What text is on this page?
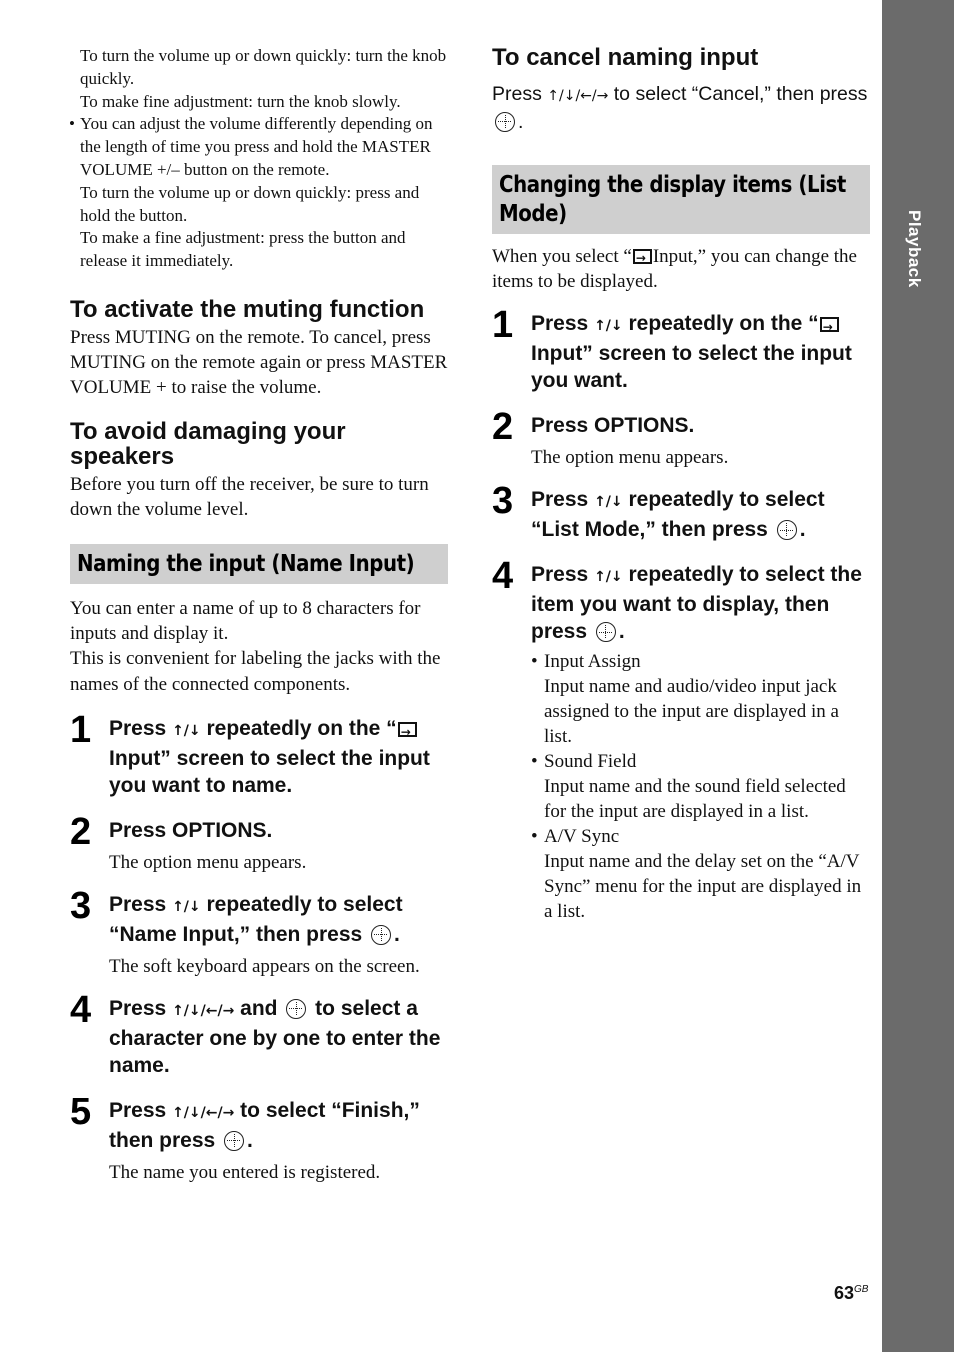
Playback
To turn the volume up or down quickly: turn the knob quickly.
To make fine adjustment: turn the knob slowly.
• You can adjust the volume differently depending on the length of time you press and hold the MASTER VOLUME +/– button on the remote.
To turn the volume up or down quickly: press and hold the button.
To make a fine adjustment: press the button and release it immediately.
To activate the muting function

Press MUTING on the remote. To cancel, press MUTING on the remote again or press MASTER VOLUME + to raise the volume.

To avoid damaging your speakers

Before you turn off the receiver, be sure to turn down the volume level.

Naming the input (Name Input)

You can enter a name of up to 8 characters for inputs and display it.

This is convenient for labeling the jacks with the names of the connected components.

1 Press ↑/↓ repeatedly on the “→Input” screen to select the input you want to name.
2 Press OPTIONS.
The option menu appears.
3 Press ↑/↓ repeatedly to select “Name Input,” then press .
The soft keyboard appears on the screen.
4 Press ↑/↓/←/→ and  to select a character one by one to enter the name.
5 Press ↑/↓/←/→ to select “Finish,” then press .
The name you entered is registered.
To cancel naming input

Press ↑/↓/←/→ to select “Cancel,” then press .

Changing the display items (List Mode)

When you select “→ Input,” you can change the items to be displayed.

1 Press ↑/↓ repeatedly on the “→Input” screen to select the input you want.
2 Press OPTIONS.
The option menu appears.
3 Press ↑/↓ repeatedly to select “List Mode,” then press .
4 Press ↑/↓ repeatedly to select the item you want to display, then press .
• Input Assign
Input name and audio/video input jack assigned to the input are displayed in a list.
• Sound Field
Input name and the sound field selected for the input are displayed in a list.
• A/V Sync
Input name and the delay set on the “A/V Sync” menu for the input are displayed in a list.
$63^{GB}$
